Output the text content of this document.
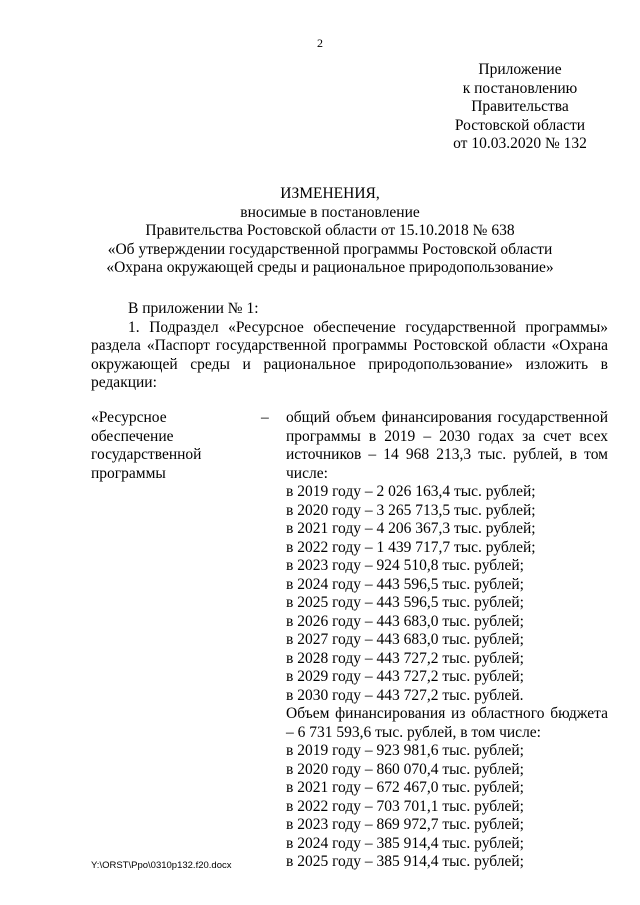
2
Приложение
к постановлению
Правительства
Ростовской области
от 10.03.2020 № 132
ИЗМЕНЕНИЯ,
вносимые в постановление
Правительства Ростовской области от 15.10.2018 № 638
«Об утверждении государственной программы Ростовской области
«Охрана окружающей среды и рациональное природопользование»

В приложении № 1:

1. Подраздел «Ресурсное обеспечение государственной программы» раздела «Паспорт государственной программы Ростовской области «Охрана окружающей среды и рациональное природопользование» изложить в редакции:

«Ресурсное обеспечение государственной программы
– общий объем финансирования государственной программы в 2019 – 2030 годах за счет всех источников – 14 968 213,3 тыс. рублей, в том числе:

в 2019 году – 2 026 163,4 тыс. рублей;

в 2020 году – 3 265 713,5 тыс. рублей;

в 2021 году – 4 206 367,3 тыс. рублей;

в 2022 году – 1 439 717,7 тыс. рублей;

в 2023 году – 924 510,8 тыс. рублей;

в 2024 году – 443 596,5 тыс. рублей;

в 2025 году – 443 596,5 тыс. рублей;

в 2026 году – 443 683,0 тыс. рублей;

в 2027 году – 443 683,0 тыс. рублей;

в 2028 году – 443 727,2 тыс. рублей;

в 2029 году – 443 727,2 тыс. рублей;

в 2030 году – 443 727,2 тыс. рублей.

Объем финансирования из областного бюджета – 6 731 593,6 тыс. рублей, в том числе:

в 2019 году – 923 981,6 тыс. рублей;

в 2020 году – 860 070,4 тыс. рублей;

в 2021 году – 672 467,0 тыс. рублей;

в 2022 году – 703 701,1 тыс. рублей;

в 2023 году – 869 972,7 тыс. рублей;

в 2024 году – 385 914,4 тыс. рублей;

в 2025 году – 385 914,4 тыс. рублей;

Y:\ORST\Ppo\0310p132.f20.docx
